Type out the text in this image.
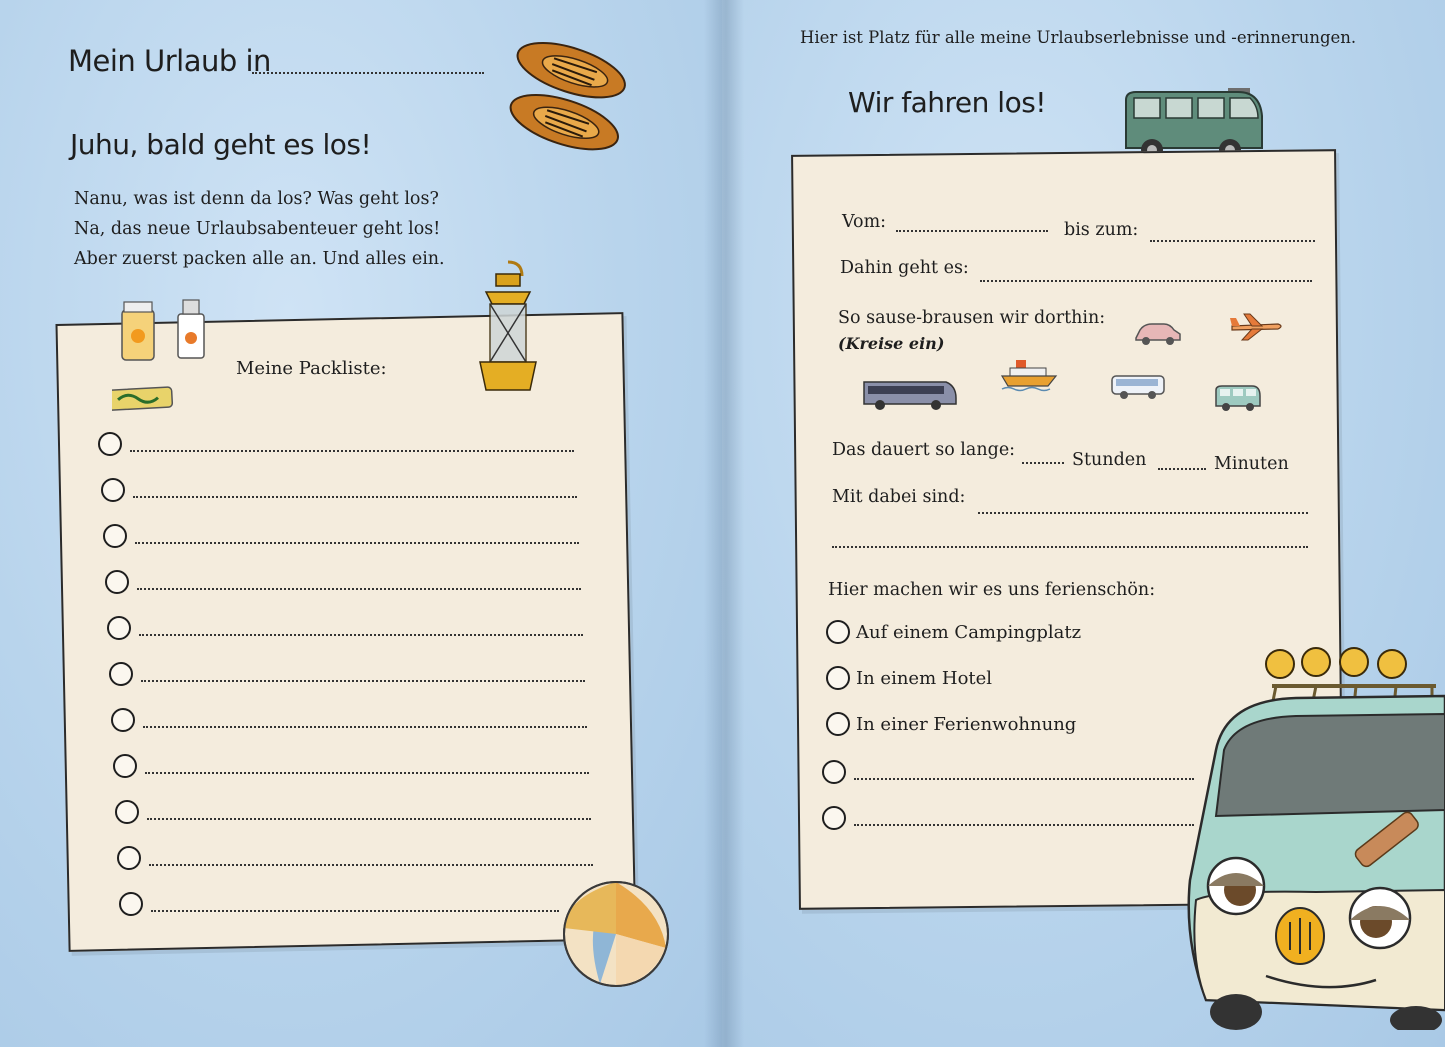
Mein Urlaub in
Juhu, bald geht es los!
Nanu, was ist denn da los? Was geht los?
Na, das neue Urlaubsabenteuer geht los!
Aber zuerst packen alle an. Und alles ein.
Meine Packliste:
Hier ist Platz für alle meine Urlaubserlebnisse und -erinnerungen.
Wir fahren los!
Vom:	bis zum:
Dahin geht es:
So sause-brausen wir dorthin:
(Kreise ein)
Das dauert so lange:	Stunden	Minuten
Mit dabei sind:
Hier machen wir es uns ferienschön:
Auf einem Campingplatz
In einem Hotel
In einer Ferienwohnung
